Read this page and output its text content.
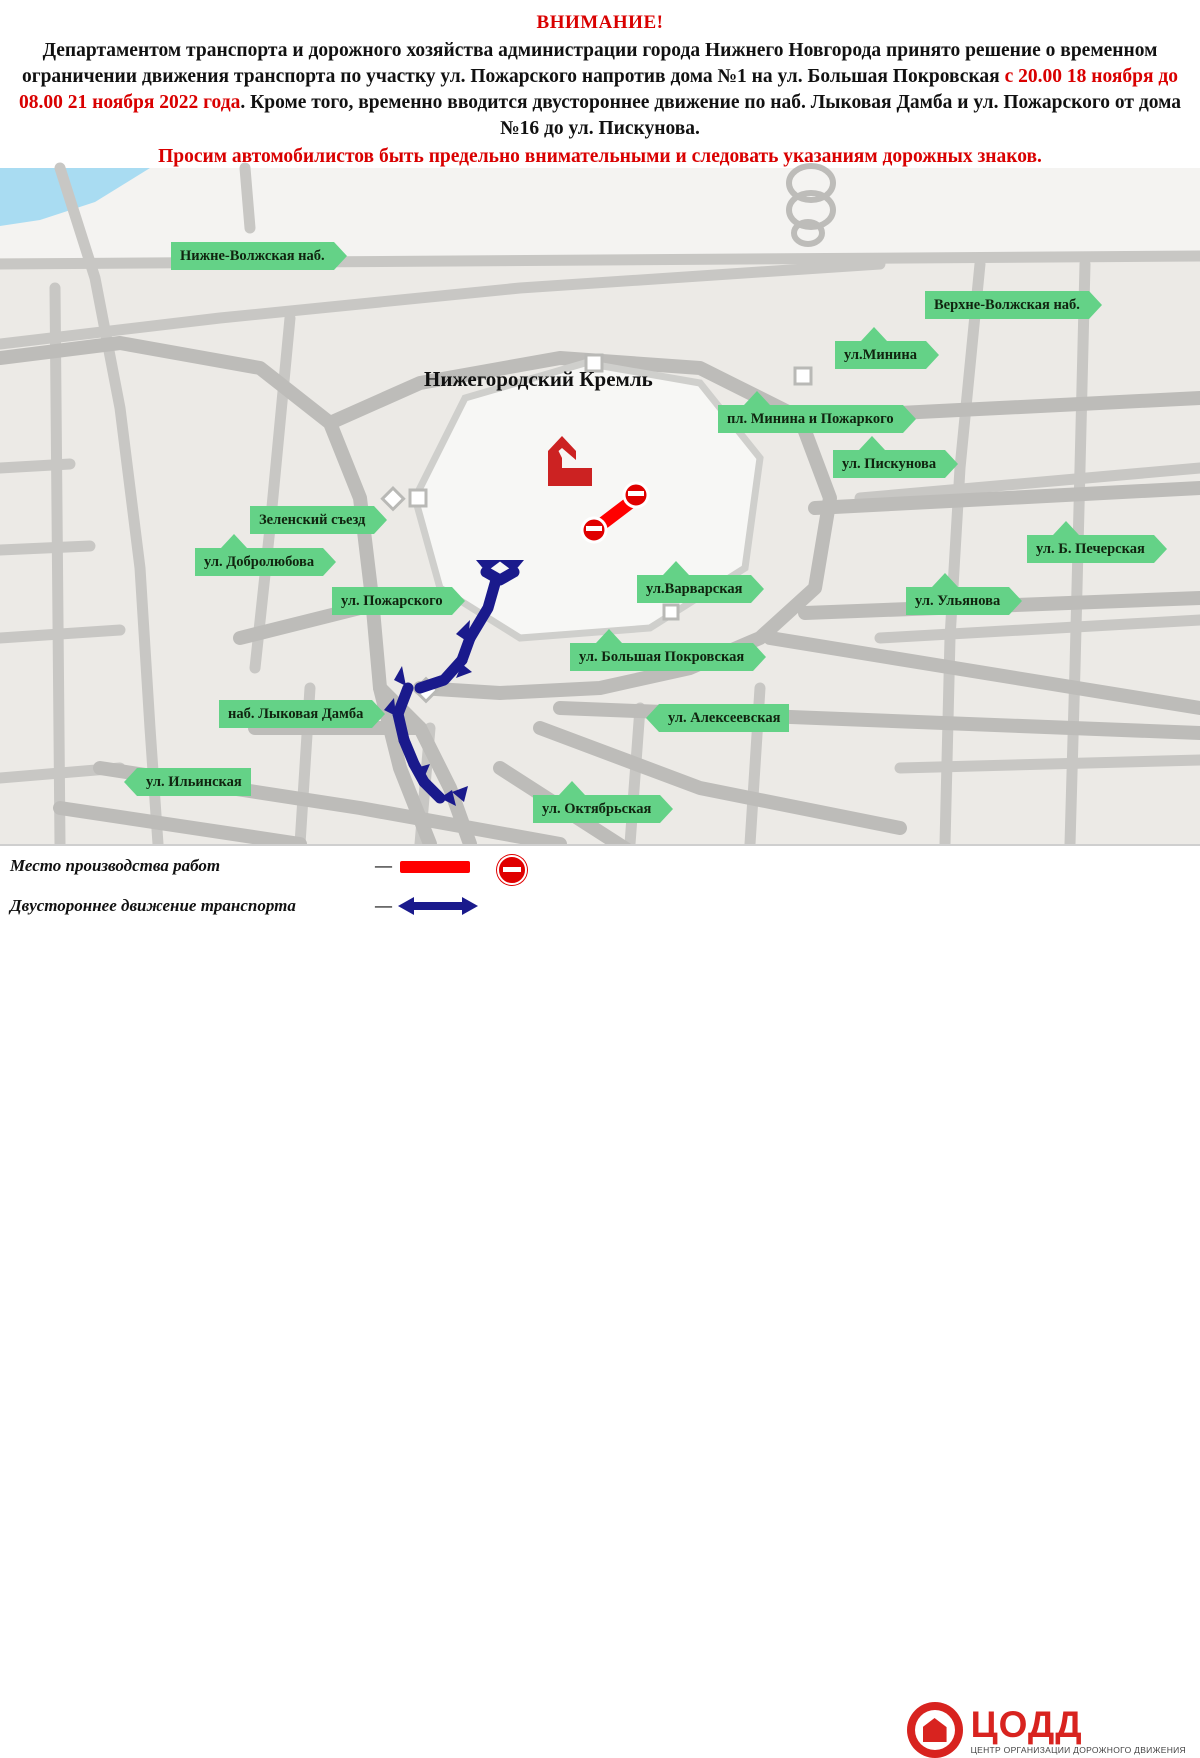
ВНИМАНИЕ!
Департаментом транспорта и дорожного хозяйства администрации города Нижнего Новгорода принято решение о временном ограничении движения транспорта по участку ул. Пожарского напротив дома №1 на ул. Большая Покровская с 20.00 18 ноября до 08.00 21 ноября 2022 года. Кроме того, временно вводится двустороннее движение по наб. Лыковая Дамба и ул. Пожарского от дома №16 до ул. Пискунова.
Просим автомобилистов быть предельно внимательными и следовать указаниям дорожных знаков.
Нижегородский Кремль
Нижне-Волжская наб.
Верхне-Волжская наб.
ул.Минина
пл. Минина и Пожаркого
ул. Пискунова
ул. Б. Печерская
Зеленский съезд
ул. Добролюбова
ул. Пожарского
ул.Варварская
ул. Ульянова
ул. Большая Покровская
наб. Лыковая Дамба	ул. Алексеевская
ул. Ильинская
ул. Октябрьская
Место производства работ	—
Двустороннее движение транспорта	—
ЦОДД
ЦЕНТР ОРГАНИЗАЦИИ ДОРОЖНОГО ДВИЖЕНИЯ
